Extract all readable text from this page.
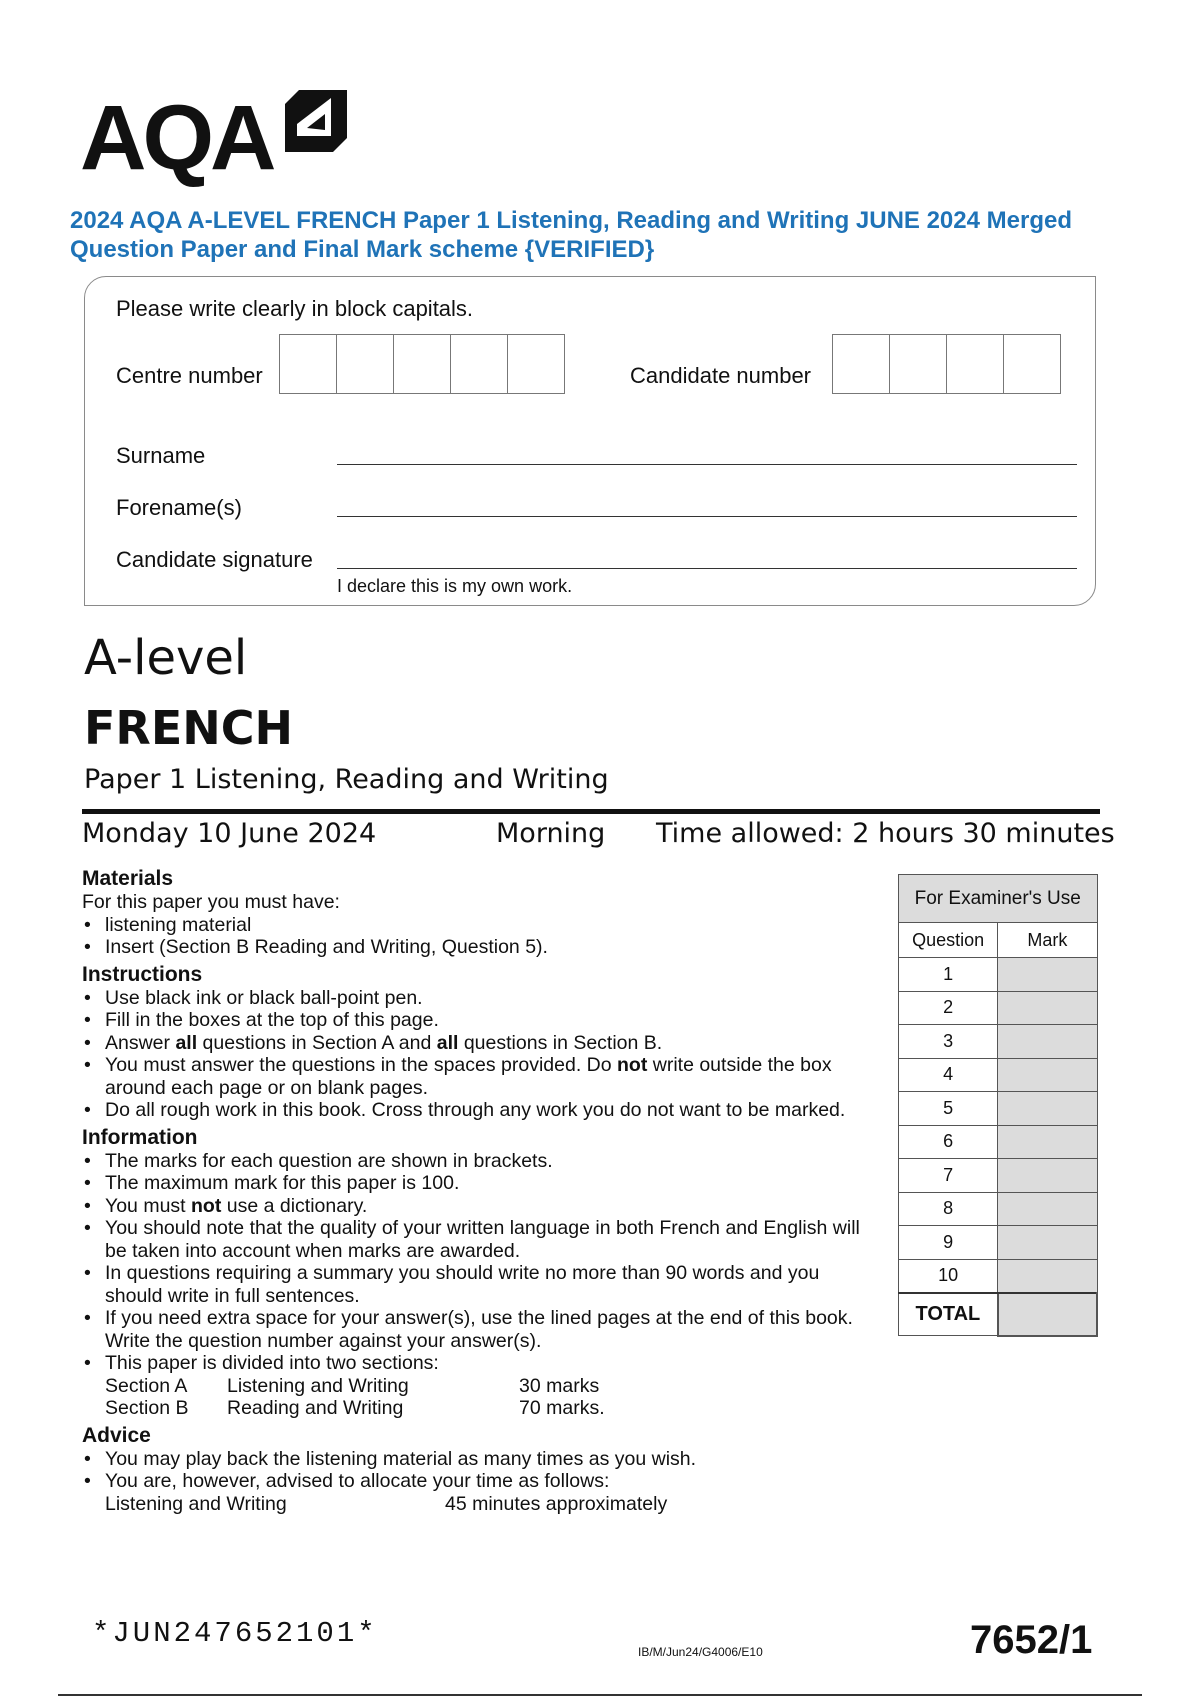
AQA
2024 AQA A-LEVEL FRENCH Paper 1 Listening, Reading and Writing JUNE 2024 Merged Question Paper and Final Mark scheme {VERIFIED}
Please write clearly in block capitals.
Centre number	Candidate number
Surname
Forename(s)
Candidate signature
I declare this is my own work.
A-level
FRENCH
Paper 1 Listening, Reading and Writing
Monday 10 June 2024	Morning Time allowed: 2 hours 30 minutes
Materials

For this paper you must have:

• listening material
• Insert (Section B Reading and Writing, Question 5).
Instructions
• Use black ink or black ball-point pen.
• Fill in the boxes at the top of this page.
• Answer all questions in Section A and all questions in Section B.
• You must answer the questions in the spaces provided. Do not write outside the box around each page or on blank pages.
• Do all rough work in this book. Cross through any work you do not want to be marked.
Information
• The marks for each question are shown in brackets.
• The maximum mark for this paper is 100.
• You must not use a dictionary.
• You should note that the quality of your written language in both French and English will be taken into account when marks are awarded.
• In questions requiring a summary you should write no more than 90 words and you should write in full sentences.
• If you need extra space for your answer(s), use the lined pages at the end of this book. Write the question number against your answer(s).
• This paper is divided into two sections:
Section A	Listening and Writing	30 marks
Section B	Reading and Writing	70 marks.
Advice
• You may play back the listening material as many times as you wish.
• You are, however, advised to allocate your time as follows:
Listening and Writing	45 minutes approximately
For Examiner's Use	
Question	Mark
1	
2	
3	
4	
5	
6	
7	
8	
9	
10	
TOTAL	
*JUN247652101*
IB/M/Jun24/G4006/E10	7652/1
